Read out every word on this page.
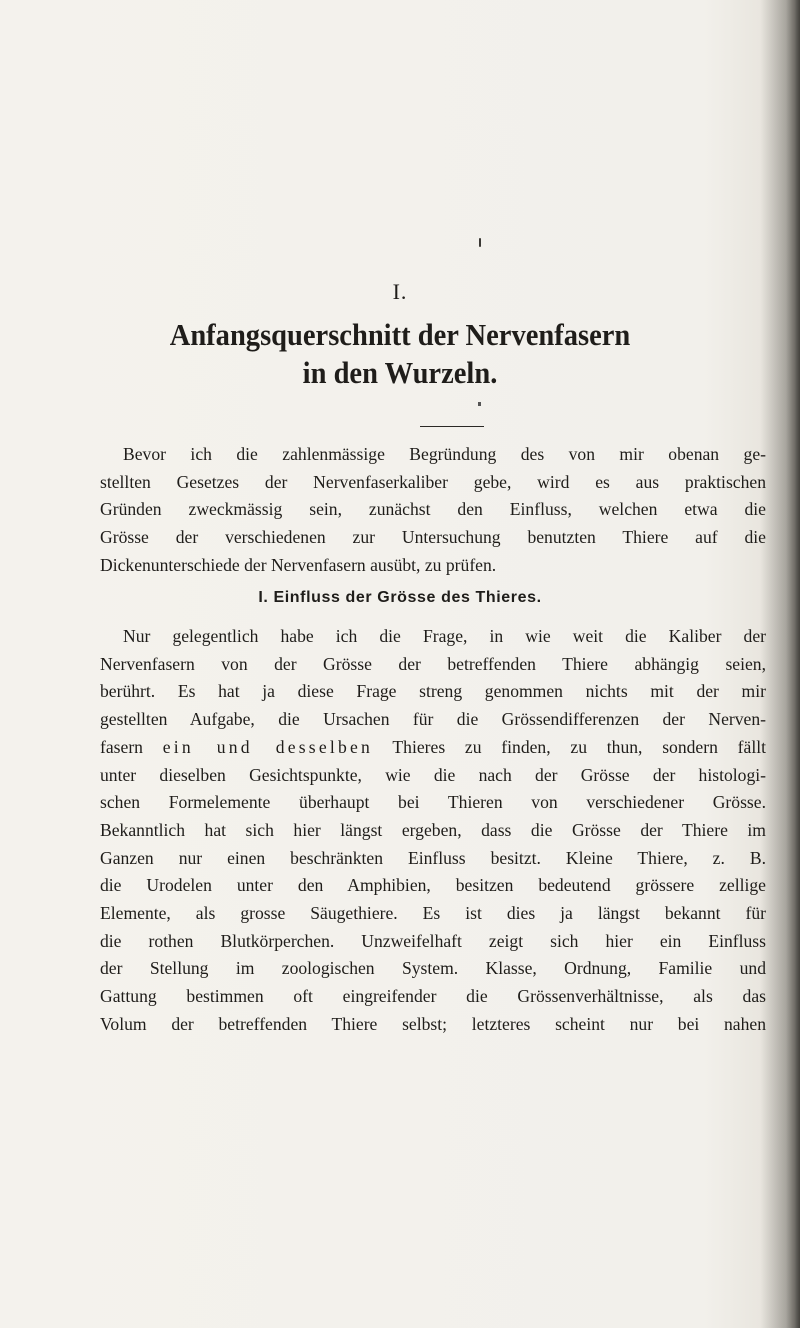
I.
Anfangsquerschnitt der Nervenfasern
in den Wurzeln.
Bevor ich die zahlenmässige Begründung des von mir obenan ge-
stellten Gesetzes der Nervenfaserkaliber gebe, wird es aus praktischen
Gründen zweckmässig sein, zunächst den Einfluss, welchen etwa die
Grösse der verschiedenen zur Untersuchung benutzten Thiere auf die
Dickenunterschiede der Nervenfasern ausübt, zu prüfen.
I. Einfluss der Grösse des Thieres.
Nur gelegentlich habe ich die Frage, in wie weit die Kaliber der
Nervenfasern von der Grösse der betreffenden Thiere abhängig seien,
berührt. Es hat ja diese Frage streng genommen nichts mit der mir
gestellten Aufgabe, die Ursachen für die Grössendifferenzen der Nerven-
fasern ein und desselben Thieres zu finden, zu thun, sondern fällt
unter dieselben Gesichtspunkte, wie die nach der Grösse der histologi-
schen Formelemente überhaupt bei Thieren von verschiedener Grösse.
Bekanntlich hat sich hier längst ergeben, dass die Grösse der Thiere im
Ganzen nur einen beschränkten Einfluss besitzt. Kleine Thiere, z. B.
die Urodelen unter den Amphibien, besitzen bedeutend grössere zellige
Elemente, als grosse Säugethiere. Es ist dies ja längst bekannt für
die rothen Blutkörperchen. Unzweifelhaft zeigt sich hier ein Einfluss
der Stellung im zoologischen System. Klasse, Ordnung, Familie und
Gattung bestimmen oft eingreifender die Grössenverhältnisse, als das
Volum der betreffenden Thiere selbst; letzteres scheint nur bei nahen
